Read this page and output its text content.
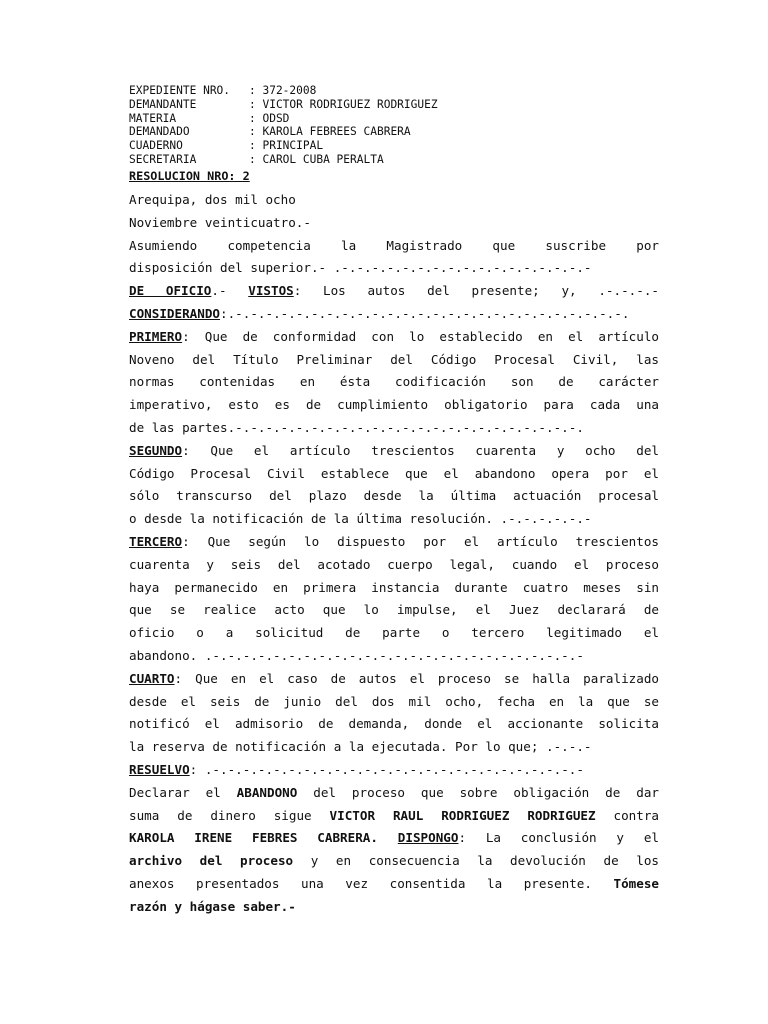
EXPEDIENTE NRO.	: 372-2008
DEMANDANTE	: VICTOR RODRIGUEZ RODRIGUEZ
MATERIA	: ODSD
DEMANDADO	: KAROLA FEBREES CABRERA
CUADERNO	: PRINCIPAL
SECRETARIA	: CAROL CUBA PERALTA
RESOLUCION NRO: 2
Arequipa, dos mil ocho
Noviembre veinticuatro.-
Asumiendo competencia la Magistrado que suscribe por
disposición del superior.- .-.-.-.-.-.-.-.-.-.-.-.-.-.-.-.-.-
DE OFICIO.- VISTOS: Los autos del presente; y, .-.-.-.-
CONSIDERANDO:.-.-.-.-.-.-.-.-.-.-.-.-.-.-.-.-.-.-.-.-.-.-.-.-.-.-.
PRIMERO: Que de conformidad con lo establecido en el artículo
Noveno del Título Preliminar del Código Procesal Civil, las
normas contenidas en ésta codificación son de carácter
imperativo, esto es de cumplimiento obligatorio para cada una
de las partes.-.-.-.-.-.-.-.-.-.-.-.-.-.-.-.-.-.-.-.-.-.-.-.
SEGUNDO: Que el artículo trescientos cuarenta y ocho del
Código Procesal Civil establece que el abandono opera por el
sólo transcurso del plazo desde la última actuación procesal
o desde la notificación de la última resolución. .-.-.-.-.-.-
TERCERO: Que según lo dispuesto por el artículo trescientos
cuarenta y seis del acotado cuerpo legal, cuando el proceso
haya permanecido en primera instancia durante cuatro meses sin
que se realice acto que lo impulse, el Juez declarará de
oficio o a solicitud de parte o tercero legitimado el
abandono. .-.-.-.-.-.-.-.-.-.-.-.-.-.-.-.-.-.-.-.-.-.-.-.-.-
CUARTO: Que en el caso de autos el proceso se halla paralizado
desde el seis de junio del dos mil ocho, fecha en la que se
notificó el admisorio de demanda, donde el accionante solicita
la reserva de notificación a la ejecutada. Por lo que; .-.-.-
RESUELVO: .-.-.-.-.-.-.-.-.-.-.-.-.-.-.-.-.-.-.-.-.-.-.-.-.-
Declarar el ABANDONO del proceso que sobre obligación de dar
suma de dinero sigue VICTOR RAUL RODRIGUEZ RODRIGUEZ contra
KAROLA IRENE FEBRES CABRERA. DISPONGO: La conclusión y el
archivo del proceso y en consecuencia la devolución de los
anexos presentados una vez consentida la presente. Tómese
razón y hágase saber.-
